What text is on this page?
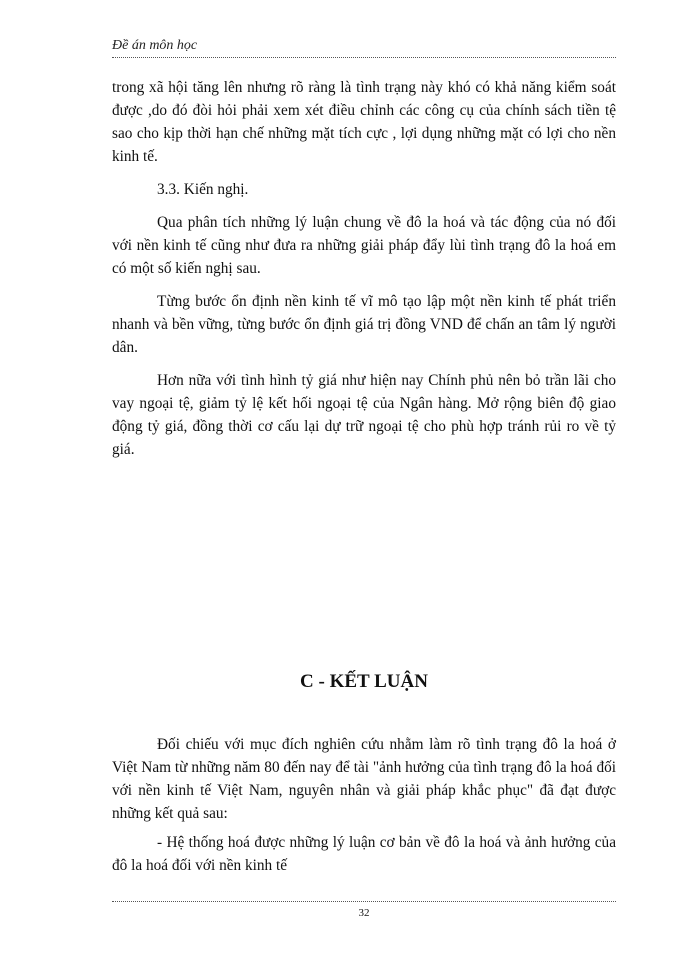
Đề án môn học

trong xã hội tăng lên nhưng rõ ràng là tình trạng này khó có khả năng kiểm soát được ,do đó đòi hỏi phải xem xét điều chỉnh các công cụ của chính sách tiền tệ sao cho kịp thời hạn chế những mặt tích cực , lợi dụng những mặt có lợi cho nền kinh tế.

3.3. Kiến nghị.

Qua phân tích những lý luận chung về đô la hoá và tác động của nó đối với nền kinh tế cũng như đưa ra những giải pháp đẩy lùi tình trạng đô la hoá em có một số kiến nghị sau.

Từng bước ổn định nền kinh tế vĩ mô tạo lập một nền kinh tế phát triển nhanh và bền vững, từng bước ổn định giá trị đồng VND để chấn an tâm lý người dân.

Hơn nữa với tình hình tỷ giá như hiện nay Chính phủ nên bỏ trần lãi cho vay ngoại tệ, giảm tỷ lệ kết hối ngoại tệ của Ngân hàng. Mở rộng biên độ giao động tỷ giá, đồng thời cơ cấu lại dự trữ ngoại tệ cho phù hợp tránh rủi ro về tỷ giá.

C - KẾT LUẬN

Đối chiếu với mục đích nghiên cứu nhằm làm rõ tình trạng đô la hoá ở Việt Nam từ những năm 80 đến nay để tài "ảnh hưởng của tình trạng đô la hoá đối với nền kinh tế Việt Nam, nguyên nhân và giải pháp khắc phục" đã đạt được những kết quả sau:

- Hệ thống hoá được những lý luận cơ bản về đô la hoá và ảnh hưởng của đô la hoá đối với nền kinh tế

32
